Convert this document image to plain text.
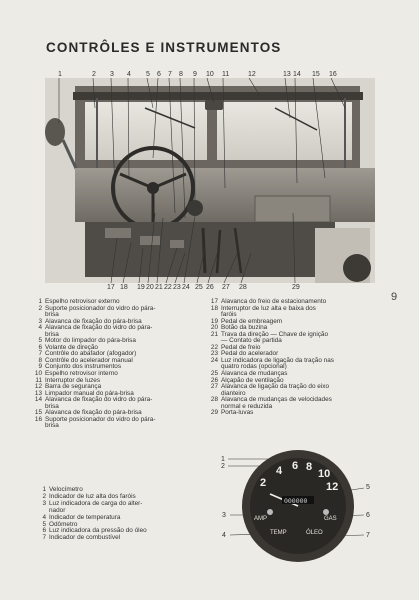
CONTRÔLES E INSTRUMENTOS
9
1	2 3 4 5 6 7 8 9 10 11	12	13 14 15 16
17 18 19 20 21 22 23 24 25 26 27 28	29
1 Espelho retrovisor externo
2 Suporte posicionador do vidro do pára-
brisa
3 Alavanca de fixação do pára-brisa
4 Alavanca de fixação do vidro do pára-
brisa
5 Motor do limpador do pára-brisa
6 Volante de direção
7 Contrôle do abafador (afogador)
8 Contrôle do acelerador manual
9 Conjunto dos instrumentos
10 Espelho retrovisor interno
11 Interruptor de luzes
12 Barra de segurança
13 Limpador manual do pára-brisa
14 Alavanca de fixação do vidro do pára-
brisa
15 Alavanca de fixação do pára-brisa
16 Suporte posicionador do vidro do pára-
brisa
17 Alavanca do freio de estacionamento
18 Interruptor de luz alta e baixa dos
faróis
19 Pedal de embreagem
20 Botão da buzina
21 Trava da direção — Chave de ignição
— Contato de partida
22 Pedal de freio
23 Pedal do acelerador
24 Luz indicadora de ligação da tração nas
quatro rodas (opcional)
25 Alavanca de mudanças
26 Alçapão de ventilação
27 Alavanca de ligação da tração do eixo
dianteiro
28 Alavanca de mudanças de velocidades
normal e reduzida
29 Porta-luvas
1
2
3
4
5
6
7
2
4 6 8
10
12
000000
AMP
TEMP	ÓLEO
GAS
1 Velocímetro
2 Indicador de luz alta dos faróis
3 Luz indicadora de carga do alter-
nador
4 Indicador de temperatura
5 Odômetro
6 Luz indicadora da pressão do óleo
7 Indicador de combustível
